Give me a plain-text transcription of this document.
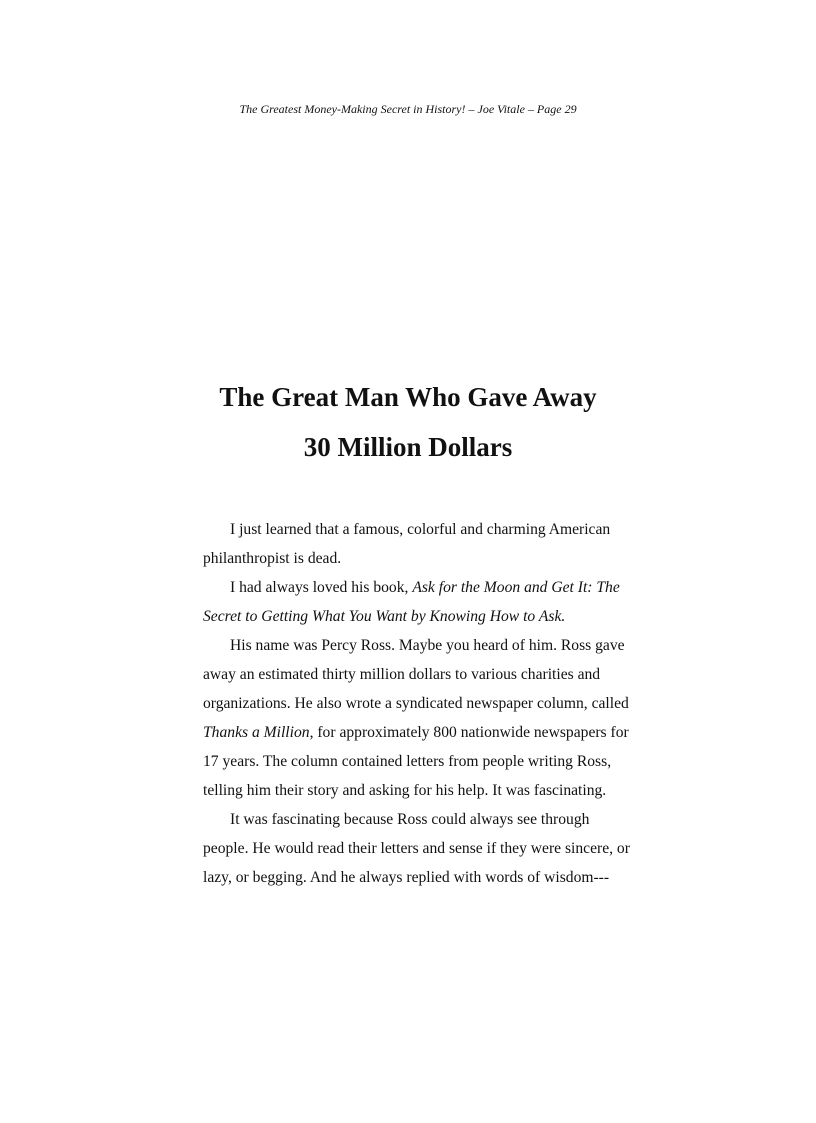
The Greatest Money-Making Secret in History! – Joe Vitale – Page 29
The Great Man Who Gave Away
30 Million Dollars
I just learned that a famous, colorful and charming American
philanthropist is dead.
I had always loved his book, Ask for the Moon and Get It: The
Secret to Getting What You Want by Knowing How to Ask.
His name was Percy Ross. Maybe you heard of him. Ross gave
away an estimated thirty million dollars to various charities and
organizations. He also wrote a syndicated newspaper column, called
Thanks a Million, for approximately 800 nationwide newspapers for
17 years. The column contained letters from people writing Ross,
telling him their story and asking for his help. It was fascinating.
It was fascinating because Ross could always see through
people. He would read their letters and sense if they were sincere, or
lazy, or begging. And he always replied with words of wisdom---
